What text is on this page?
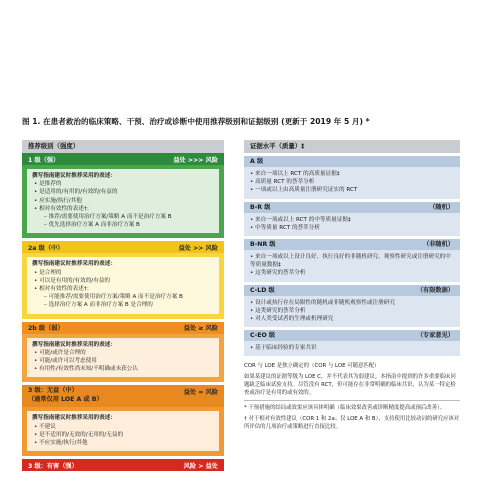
图 1. 在患者救治的临床策略、干预、治疗或诊断中使用推荐级别和证据级别 (更新于 2019 年 5 月) *
推荐级别（强度）
1 级（强）	益处 >>> 风险
撰写指南建议时推荐采用的表述：
• 是推荐的
• 是适用的/有用的/有效的/有益的
• 应实施/执行/其他
• 相对有效性的表述†：
– 推荐/需要使用治疗方案/策略 A 而不是治疗方案 B
– 优先选择治疗方案 A 而非治疗方案 B
2a 级（中）	益处 >> 风险
撰写指南建议时推荐采用的表述：
• 是合理的
• 可以是有用的/有效的/有益的
• 相对有效性的表述†：
– 可能推荐/需要使用治疗方案/策略 A 而不是治疗方案 B
– 选择治疗方案 A 而非治疗方案 B 是合理的
2b 级（弱）	益处 ≥ 风险
撰写指南建议时推荐采用的表述：
• 可能/或许是合理的
• 可能/或许可以考虑使用
• 有用性/有效性尚未知/不明确或未获公认
3 级：无益（中）
（通常仅用 LOE A 或 B）
益处 = 风险
撰写指南建议时推荐采用的表述：
• 不建议
• 是不适用的/无效的/无用的/无益的
• 不应实施/执行/其他
3 级：有害（强）	风险 > 益处
证据水平（质量）‡
A 级
• 来自一项以上 RCT 的高质量证据‡
• 高质量 RCT 的荟萃分析
• 一项或以上由高质量注册研究证实的 RCT
B-R 级	（随机）
• 来自一项或以上 RCT 的中等质量证据‡
• 中等质量 RCT 的荟萃分析
B-NR 级	（非随机）
• 来自一项或以上设计良好、执行良好的非随机研究、观察性研究或注册研究的中等质量数据‡
• 这类研究的荟萃分析
C-LD 级	（有限数据）
• 设计或执行存在局限性的随机或非随机观察性或注册研究
• 这类研究的荟萃分析
• 对人类受试者的生理或机理研究
C-EO 级	（专家意见）
• 基于临床经验的专家共识

COR 与 LOE 是独立确定的（COR 与 LOE 可随意匹配）

如果某建议的证据等级为 LOE C，并不代表其为弱建议。本指南中提到的许多重要临床问题缺乏临床试验支持。尽管没有 RCT，但可能存在非常明确的临床共识，认为某一特定检查或治疗是有用的或有效的。

* 干预措施的结局或效果应该具体明确（临床效果改善或诊断精度提高或预后改善）。

† 对于相对有效性建议（COR 1 和 2a；仅 LOE A 和 B），支持使用比较动词的研究应该对所评估的几项治疗或策略进行直接比较。
